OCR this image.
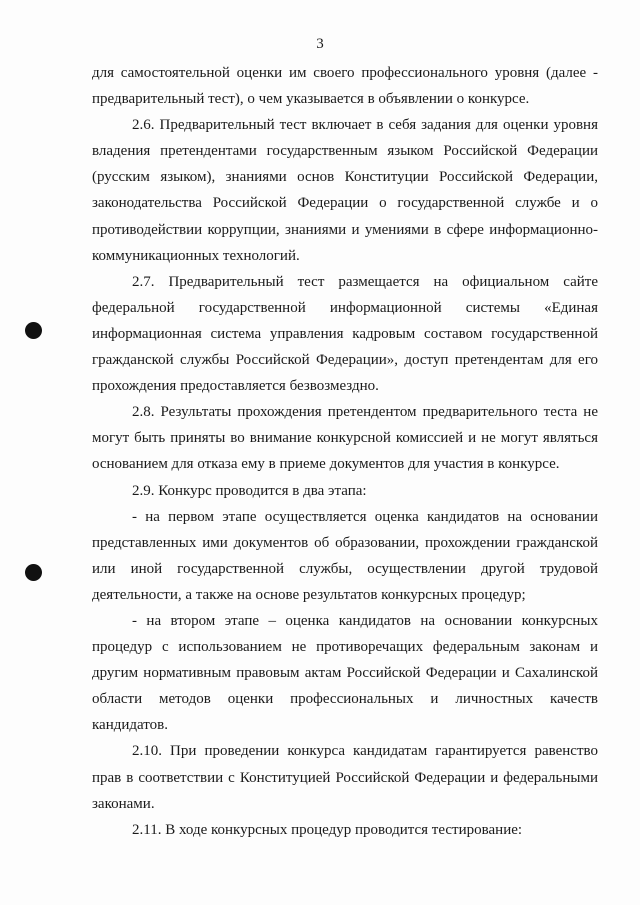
3

для самостоятельной оценки им своего профессионального уровня (далее - предварительный тест), о чем указывается в объявлении о конкурсе.

2.6. Предварительный тест включает в себя задания для оценки уровня владения претендентами государственным языком Российской Федерации (русским языком), знаниями основ Конституции Российской Федерации, законодательства Российской Федерации о государственной службе и о противодействии коррупции, знаниями и умениями в сфере информационно-коммуникационных технологий.

2.7. Предварительный тест размещается на официальном сайте федеральной государственной информационной системы «Единая информационная система управления кадровым составом государственной гражданской службы Российской Федерации», доступ претендентам для его прохождения предоставляется безвозмездно.

2.8. Результаты прохождения претендентом предварительного теста не могут быть приняты во внимание конкурсной комиссией и не могут являться основанием для отказа ему в приеме документов для участия в конкурсе.

2.9. Конкурс проводится в два этапа:

- на первом этапе осуществляется оценка кандидатов на основании представленных ими документов об образовании, прохождении гражданской или иной государственной службы, осуществлении другой трудовой деятельности, а также на основе результатов конкурсных процедур;

- на втором этапе – оценка кандидатов на основании конкурсных процедур с использованием не противоречащих федеральным законам и другим нормативным правовым актам Российской Федерации и Сахалинской области методов оценки профессиональных и личностных качеств кандидатов.

2.10. При проведении конкурса кандидатам гарантируется равенство прав в соответствии с Конституцией Российской Федерации и федеральными законами.

2.11. В ходе конкурсных процедур проводится тестирование:
